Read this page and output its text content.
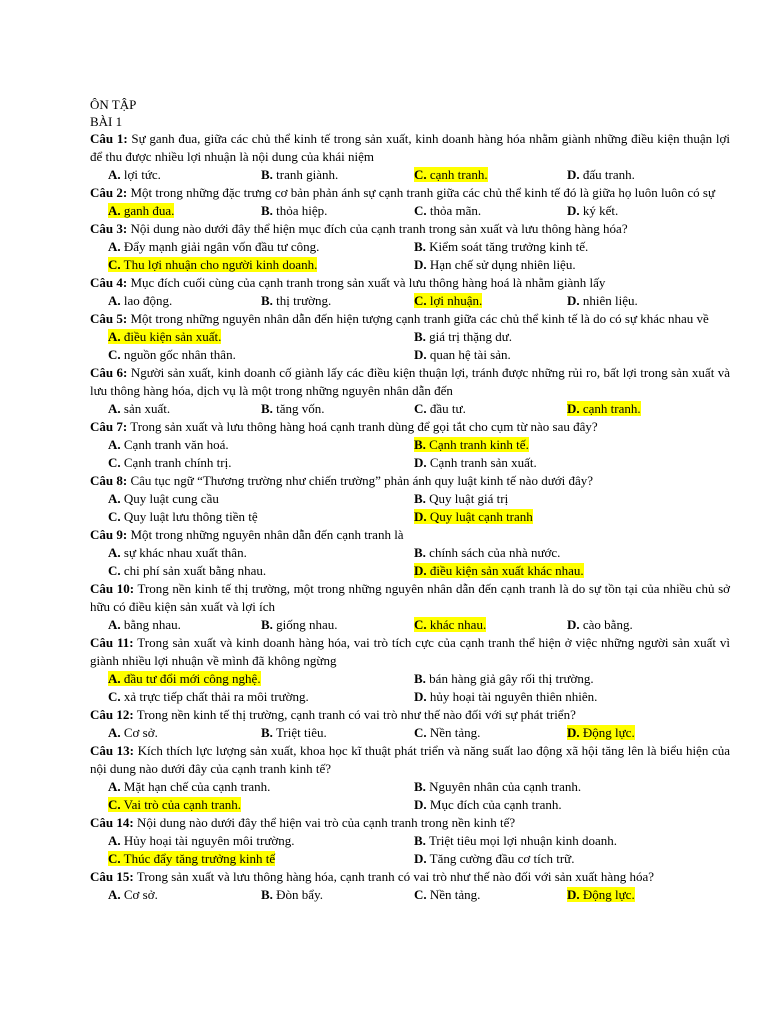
ÔN TẬP
BÀI 1
Câu 1: Sự ganh đua, giữa các chủ thể kinh tế trong sản xuất, kinh doanh hàng hóa nhằm giành những điều kiện thuận lợi để thu được nhiều lợi nhuận là nội dung của khái niệm
A. lợi tức.	B. tranh giành.	C. cạnh tranh.	D. đấu tranh.
Câu 2: Một trong những đặc trưng cơ bản phản ánh sự cạnh tranh giữa các chủ thể kinh tế đó là giữa họ luôn luôn có sự
A. ganh đua.	B. thỏa hiệp.	C. thỏa mãn.	D. ký kết.
Câu 3: Nội dung nào dưới đây thể hiện mục đích của cạnh tranh trong sản xuất và lưu thông hàng hóa?
A. Đẩy mạnh giải ngân vốn đầu tư công.	B. Kiểm soát tăng trưởng kinh tế.
C. Thu lợi nhuận cho người kinh doanh.	D. Hạn chế sử dụng nhiên liệu.
Câu 4: Mục đích cuối cùng của cạnh tranh trong sản xuất và lưu thông hàng hoá là nhằm giành lấy
A. lao động.	B. thị trường.	C. lợi nhuận.	D. nhiên liệu.
Câu 5: Một trong những nguyên nhân dẫn đến hiện tượng cạnh tranh giữa các chủ thể kinh tế là do có sự khác nhau về
A. điều kiện sản xuất.	B. giá trị thặng dư.
C. nguồn gốc nhân thân.	D. quan hệ tài sản.
Câu 6: Người sản xuất, kinh doanh cố giành lấy các điều kiện thuận lợi, tránh được những rủi ro, bất lợi trong sản xuất và lưu thông hàng hóa, dịch vụ là một trong những nguyên nhân dẫn đến
A. sản xuất.	B. tăng vốn.	C. đầu tư.	D. cạnh tranh.
Câu 7: Trong sản xuất và lưu thông hàng hoá cạnh tranh dùng để gọi tắt cho cụm từ nào sau đây?
A. Cạnh tranh văn hoá.	B. Cạnh tranh kinh tế.
C. Cạnh tranh chính trị.	D. Cạnh tranh sản xuất.
Câu 8: Câu tục ngữ “Thương trường như chiến trường” phản ánh quy luật kinh tế nào dưới đây?
A. Quy luật cung cầu	B. Quy luật giá trị
C. Quy luật lưu thông tiền tệ	D. Quy luật cạnh tranh
Câu 9: Một trong những nguyên nhân dẫn đến cạnh tranh là
A. sự khác nhau xuất thân.	B. chính sách của nhà nước.
C. chi phí sản xuất bằng nhau.	D. điều kiện sản xuất khác nhau.
Câu 10: Trong nền kinh tế thị trường, một trong những nguyên nhân dẫn đến cạnh tranh là do sự tồn tại của nhiều chủ sở hữu có điều kiện sản xuất và lợi ích
A. bằng nhau.	B. giống nhau.	C. khác nhau.	D. cào bằng.
Câu 11: Trong sản xuất và kinh doanh hàng hóa, vai trò tích cực của cạnh tranh thể hiện ở việc những người sản xuất vì giành nhiều lợi nhuận về mình đã không ngừng
A. đầu tư đổi mới công nghệ.	B. bán hàng giả gây rối thị trường.
C. xả trực tiếp chất thải ra môi trường.	D. hủy hoại tài nguyên thiên nhiên.
Câu 12: Trong nền kinh tế thị trường, cạnh tranh có vai trò như thế nào đối với sự phát triển?
A. Cơ sở.	B. Triệt tiêu.	C. Nền tảng.	D. Động lực.
Câu 13: Kích thích lực lượng sản xuất, khoa học kĩ thuật phát triển và năng suất lao động xã hội tăng lên là biểu hiện của nội dung nào dưới đây của cạnh tranh kinh tế?
A. Mặt hạn chế của cạnh tranh.	B. Nguyên nhân của cạnh tranh.
C. Vai trò của cạnh tranh.	D. Mục đích của cạnh tranh.
Câu 14: Nội dung nào dưới đây thể hiện vai trò của cạnh tranh trong nền kinh tế?
A. Hủy hoại tài nguyên môi trường.	B. Triệt tiêu mọi lợi nhuận kinh doanh.
C. Thúc đẩy tăng trưởng kinh tế	D. Tăng cường đầu cơ tích trữ.
Câu 15: Trong sản xuất và lưu thông hàng hóa, cạnh tranh có vai trò như thế nào đối với sản xuất hàng hóa?
A. Cơ sở.	B. Đòn bẩy.	C. Nền tảng.	D. Động lực.
